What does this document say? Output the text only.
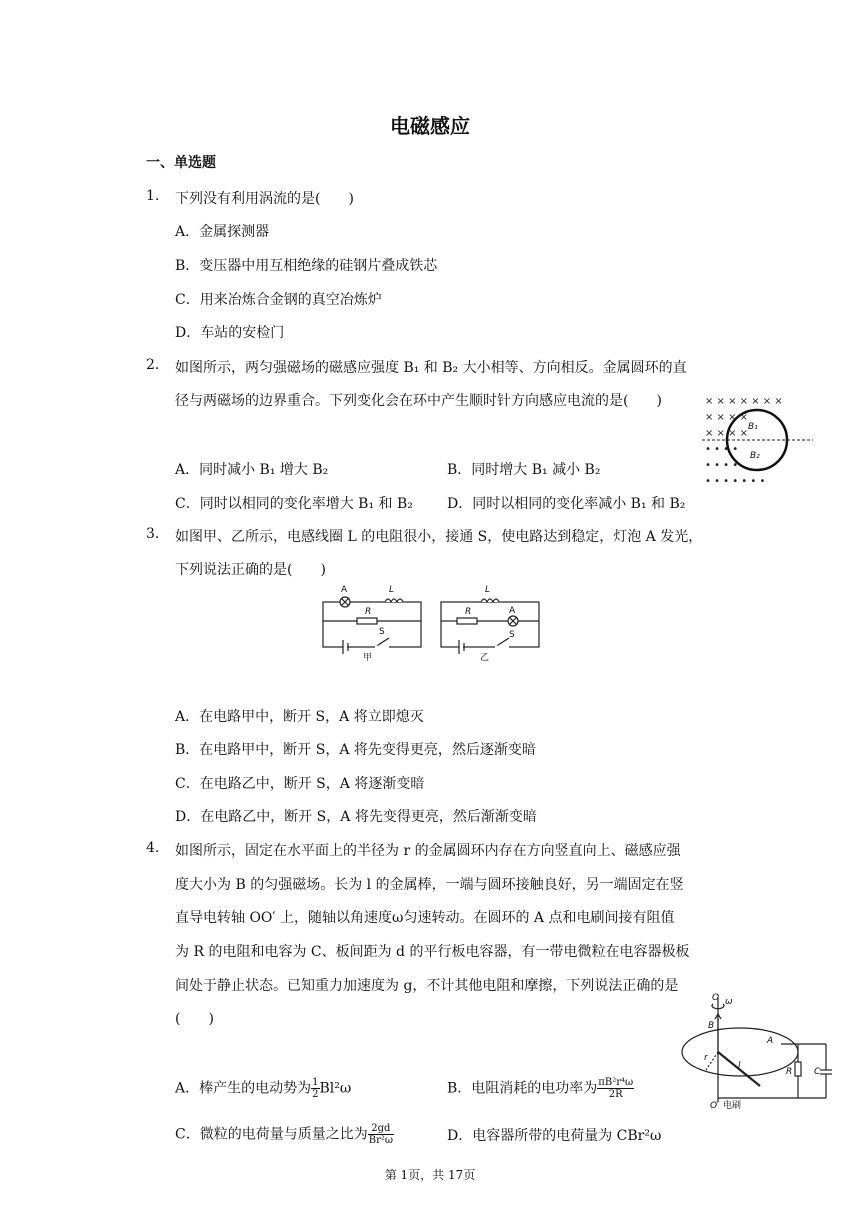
电磁感应
一、单选题
1. 下列没有利用涡流的是(　　)
A．金属探测器
B．变压器中用互相绝缘的硅钢片叠成铁芯
C．用来冶炼合金钢的真空冶炼炉
D．车站的安检门
2. 如图所示，两匀强磁场的磁感应强度 B₁ 和 B₂ 大小相等、方向相反。金属圆环的直
径与两磁场的边界重合。下列变化会在环中产生顺时针方向感应电流的是(　　)
A．同时减小 B₁ 增大 B₂	B．同时增大 B₁ 减小 B₂
C．同时以相同的变化率增大 B₁ 和 B₂ D．同时以相同的变化率减小 B₁ 和 B₂
× × × × × × ×
× × × ×
× × × ×
• • • •
• • • •
• • • • • • •
B₁
B₂
3. 如图甲、乙所示，电感线圈 L 的电阻很小，接通 S，使电路达到稳定，灯泡 A 发光，
下列说法正确的是(　　)
A	L
R
S
甲
L
A
R
S
乙
A．在电路甲中，断开 S，A 将立即熄灭
B．在电路甲中，断开 S，A 将先变得更亮，然后逐渐变暗
C．在电路乙中，断开 S，A 将逐渐变暗
D．在电路乙中，断开 S，A 将先变得更亮，然后渐渐变暗
4. 如图所示，固定在水平面上的半径为 r 的金属圆环内存在方向竖直向上、磁感应强
度大小为 B 的匀强磁场。长为 l 的金属棒，一端与圆环接触良好，另一端固定在竖
直导电转轴 OO′ 上，随轴以角速度ω匀速转动。在圆环的 A 点和电刷间接有阻值
为 R 的电阻和电容为 C、板间距为 d 的平行板电容器，有一带电微粒在电容器极板
间处于静止状态。已知重力加速度为 g，不计其他电阻和摩擦，下列说法正确的是
(　　)
A．棒产生的电动势为 $\frac{1}{2} Bl^2\omega$	B．电阻消耗的电功率为 $\frac{\text{πB²r⁴ω}}{2R}$
C．微粒的电荷量与质量之比为 $\frac{2gd}{\text{Br²ω}}$	D．电容器所带的电荷量为 CBr²ω
O ω
B
r
l
A
R C
O′ 电刷
第 1页，共 17页
